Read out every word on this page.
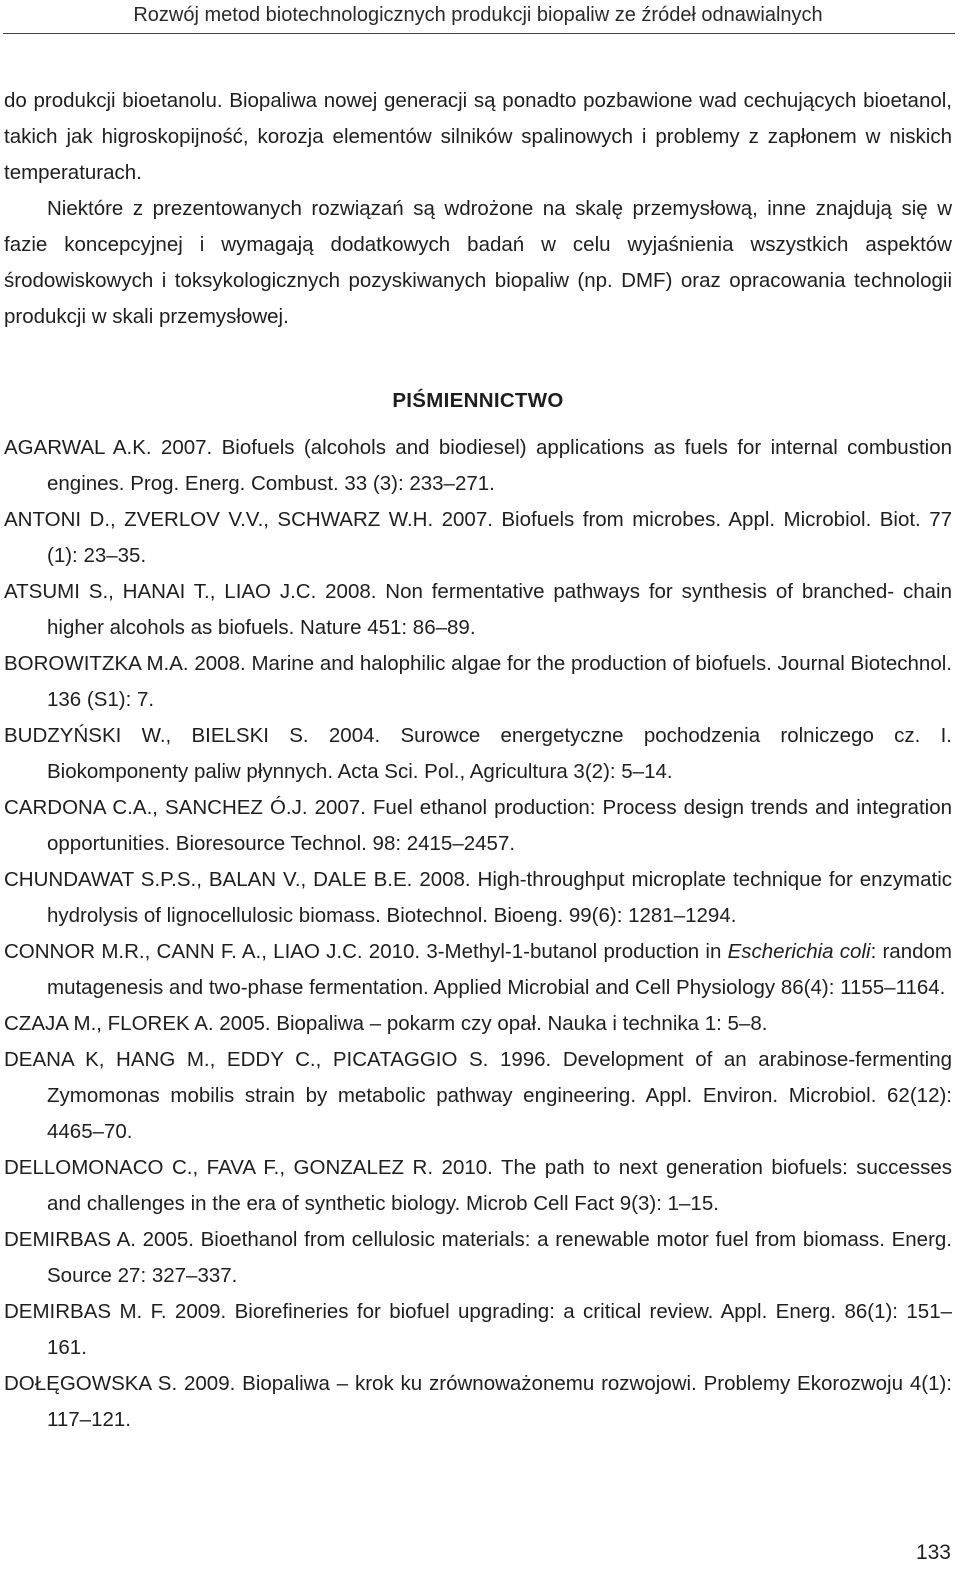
Rozwój metod biotechnologicznych produkcji biopaliw ze źródeł odnawialnych

do produkcji bioetanolu. Biopaliwa nowej generacji są ponadto pozbawione wad cechujących bioetanol, takich jak higroskopijność, korozja elementów silników spalinowych i problemy z zapłonem w niskich temperaturach.

Niektóre z prezentowanych rozwiązań są wdrożone na skalę przemysłową, inne znajdują się w fazie koncepcyjnej i wymagają dodatkowych badań w celu wyjaśnienia wszystkich aspektów środowiskowych i toksykologicznych pozyskiwanych biopaliw (np. DMF) oraz opracowania technologii produkcji w skali przemysłowej.

PIŚMIENNICTWO

AGARWAL A.K. 2007. Biofuels (alcohols and biodiesel) applications as fuels for internal combustion engines. Prog. Energ. Combust. 33 (3): 233–271.

ANTONI D., ZVERLOV V.V., SCHWARZ W.H. 2007. Biofuels from microbes. Appl. Microbiol. Biot. 77 (1): 23–35.

ATSUMI S., HANAI T., LIAO J.C. 2008. Non fermentative pathways for synthesis of branched- chain higher alcohols as biofuels. Nature 451: 86–89.

BOROWITZKA M.A. 2008. Marine and halophilic algae for the production of biofuels. Journal Biotechnol. 136 (S1): 7.

BUDZYŃSKI W., BIELSKI S. 2004. Surowce energetyczne pochodzenia rolniczego cz. I. Biokomponenty paliw płynnych. Acta Sci. Pol., Agricultura 3(2): 5–14.

CARDONA C.A., SANCHEZ Ó.J. 2007. Fuel ethanol production: Process design trends and integration opportunities. Bioresource Technol. 98: 2415–2457.

CHUNDAWAT S.P.S., BALAN V., DALE B.E. 2008. High-throughput microplate technique for enzymatic hydrolysis of lignocellulosic biomass. Biotechnol. Bioeng. 99(6): 1281–1294.

CONNOR M.R., CANN F. A., LIAO J.C. 2010. 3-Methyl-1-butanol production in Escherichia coli: random mutagenesis and two-phase fermentation. Applied Microbial and Cell Physiology 86(4): 1155–1164.

CZAJA M., FLOREK A. 2005. Biopaliwa – pokarm czy opał. Nauka i technika 1: 5–8.

DEANA K, HANG M., EDDY C., PICATAGGIO S. 1996. Development of an arabinose-fermenting Zymomonas mobilis strain by metabolic pathway engineering. Appl. Environ. Microbiol. 62(12): 4465–70.

DELLOMONACO C., FAVA F., GONZALEZ R. 2010. The path to next generation biofuels: successes and challenges in the era of synthetic biology. Microb Cell Fact 9(3): 1–15.

DEMIRBAS A. 2005. Bioethanol from cellulosic materials: a renewable motor fuel from biomass. Energ. Source 27: 327–337.

DEMIRBAS M. F. 2009. Biorefineries for biofuel upgrading: a critical review. Appl. Energ. 86(1): 151–161.

DOŁĘGOWSKA S. 2009. Biopaliwa – krok ku zrównoważonemu rozwojowi. Problemy Ekorozwoju 4(1): 117–121.

133
